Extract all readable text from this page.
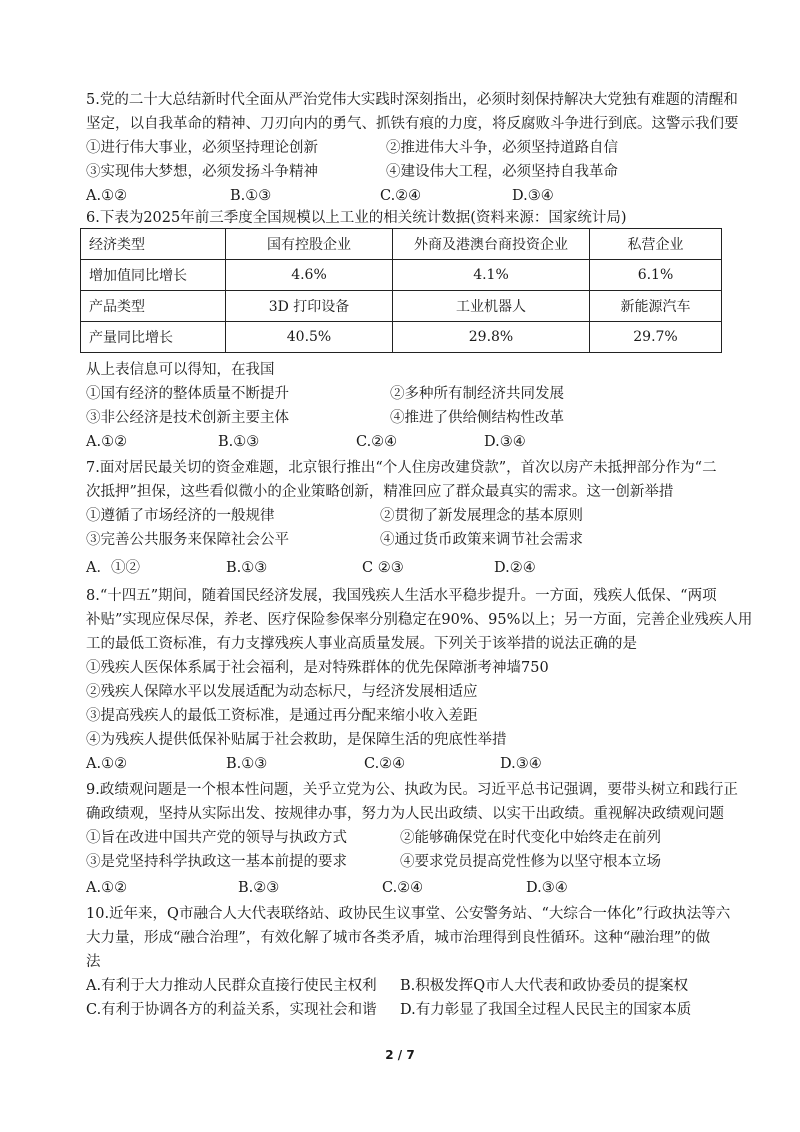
5.党的二十大总结新时代全面从严治党伟大实践时深刻指出，必须时刻保持解决大党独有难题的清醒和
坚定，以自我革命的精神、刀刃向内的勇气、抓铁有痕的力度，将反腐败斗争进行到底。这警示我们要
①进行伟大事业，必须坚持理论创新	②推进伟大斗争，必须坚持道路自信
③实现伟大梦想，必须发扬斗争精神	④建设伟大工程，必须坚持自我革命
A.①②	B.①③	C.②④	D.③④
6.下表为2025年前三季度全国规模以上工业的相关统计数据(资料来源：国家统计局)
经济类型	国有控股企业	外商及港澳台商投资企业	私营企业
增加值同比增长	4.6%	4.1%	6.1%
产品类型	3D 打印设备	工业机器人	新能源汽车
产量同比增长	40.5%	29.8%	29.7%
从上表信息可以得知，在我国
①国有经济的整体质量不断提升	②多种所有制经济共同发展
③非公经济是技术创新主要主体	④推进了供给侧结构性改革
A.①②	B.①③	C.②④	D.③④
7.面对居民最关切的资金难题，北京银行推出“个人住房改建贷款”，首次以房产未抵押部分作为“二
次抵押”担保，这些看似微小的企业策略创新，精准回应了群众最真实的需求。这一创新举措
①遵循了市场经济的一般规律	②贯彻了新发展理念的基本原则
③完善公共服务来保障社会公平	④通过货币政策来调节社会需求
A．①②	B.①③	C ②③	D.②④
8.“十四五”期间，随着国民经济发展，我国残疾人生活水平稳步提升。一方面，残疾人低保、“两项
补贴”实现应保尽保，养老、医疗保险参保率分别稳定在90%、95%以上；另一方面，完善企业残疾人用
工的最低工资标准，有力支撑残疾人事业高质量发展。下列关于该举措的说法正确的是
①残疾人医保体系属于社会福利，是对特殊群体的优先保障浙考神墙750
②残疾人保障水平以发展适配为动态标尺，与经济发展相适应
③提高残疾人的最低工资标准，是通过再分配来缩小收入差距
④为残疾人提供低保补贴属于社会救助，是保障生活的兜底性举措
A.①②	B.①③	C.②④	D.③④
9.政绩观问题是一个根本性问题，关乎立党为公、执政为民。习近平总书记强调，要带头树立和践行正
确政绩观，坚持从实际出发、按规律办事，努力为人民出政绩、以实干出政绩。重视解决政绩观问题
①旨在改进中国共产党的领导与执政方式	②能够确保党在时代变化中始终走在前列
③是党坚持科学执政这一基本前提的要求	④要求党员提高党性修为以坚守根本立场
A.①②	B.②③	C.②④	D.③④
10.近年来，Q市融合人大代表联络站、政协民生议事堂、公安警务站、“大综合一体化”行政执法等六
大力量，形成“融合治理”，有效化解了城市各类矛盾，城市治理得到良性循环。这种“融治理”的做
法
A.有利于大力推动人民群众直接行使民主权利 B.积极发挥Q市人大代表和政协委员的提案权
C.有利于协调各方的利益关系，实现社会和谐 D.有力彰显了我国全过程人民民主的国家本质
2 / 7
